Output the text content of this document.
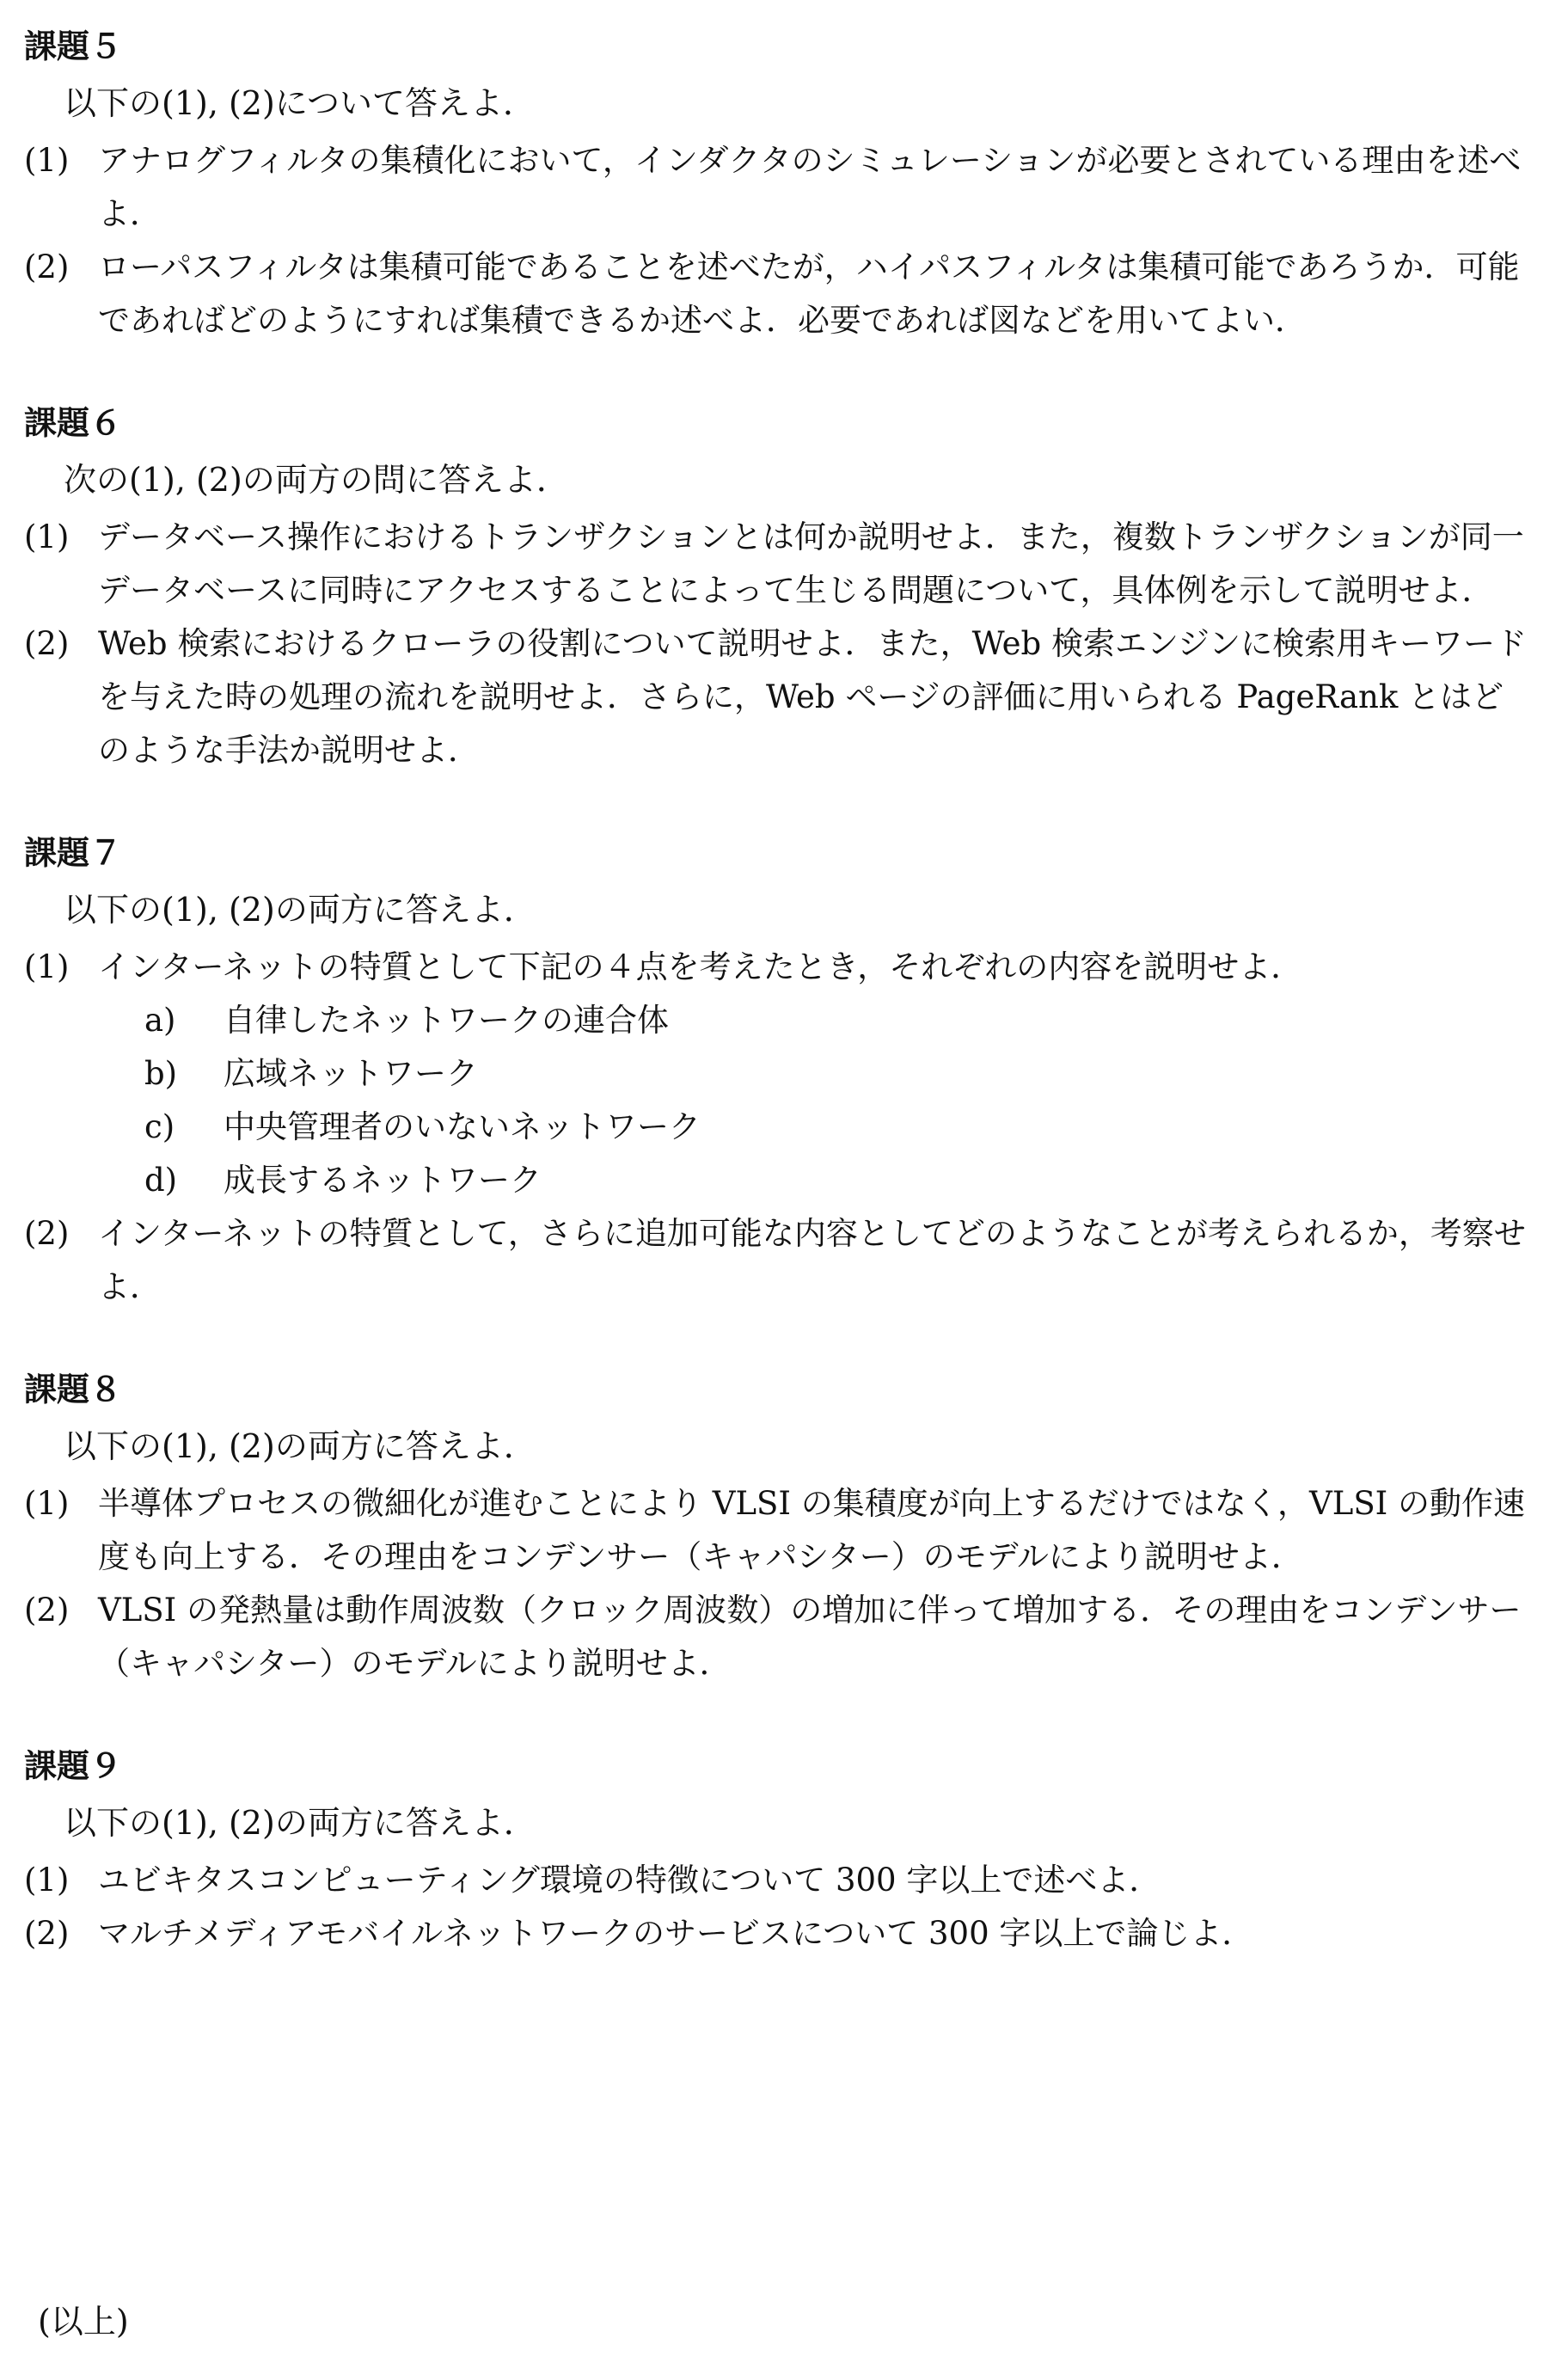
課題５
以下の(1), (2)について答えよ．
(1) アナログフィルタの集積化において，インダクタのシミュレーションが必要とされている理由を述べよ．
(2) ローパスフィルタは集積可能であることを述べたが，ハイパスフィルタは集積可能であろうか．可能であればどのようにすれば集積できるか述べよ．必要であれば図などを用いてよい．
課題６
次の(1), (2)の両方の問に答えよ．
(1) データベース操作におけるトランザクションとは何か説明せよ．また，複数トランザクションが同一データベースに同時にアクセスすることによって生じる問題について，具体例を示して説明せよ．
(2) Web 検索におけるクローラの役割について説明せよ．また，Web 検索エンジンに検索用キーワードを与えた時の処理の流れを説明せよ．さらに，Web ページの評価に用いられる PageRank とはどのような手法か説明せよ．
課題７
以下の(1), (2)の両方に答えよ．
(1) インターネットの特質として下記の４点を考えたとき，それぞれの内容を説明せよ．
a)	自律したネットワークの連合体
b)	広域ネットワーク
c)	中央管理者のいないネットワーク
d)	成長するネットワーク
(2) インターネットの特質として，さらに追加可能な内容としてどのようなことが考えられるか，考察せよ．
課題８
以下の(1), (2)の両方に答えよ．
(1) 半導体プロセスの微細化が進むことにより VLSI の集積度が向上するだけではなく，VLSI の動作速度も向上する．その理由をコンデンサー（キャパシター）のモデルにより説明せよ．
(2) VLSI の発熱量は動作周波数（クロック周波数）の増加に伴って増加する．その理由をコンデンサー（キャパシター）のモデルにより説明せよ．
課題９
以下の(1), (2)の両方に答えよ．
(1) ユビキタスコンピューティング環境の特徴について 300 字以上で述べよ．
(2) マルチメディアモバイルネットワークのサービスについて 300 字以上で論じよ．
(以上)
